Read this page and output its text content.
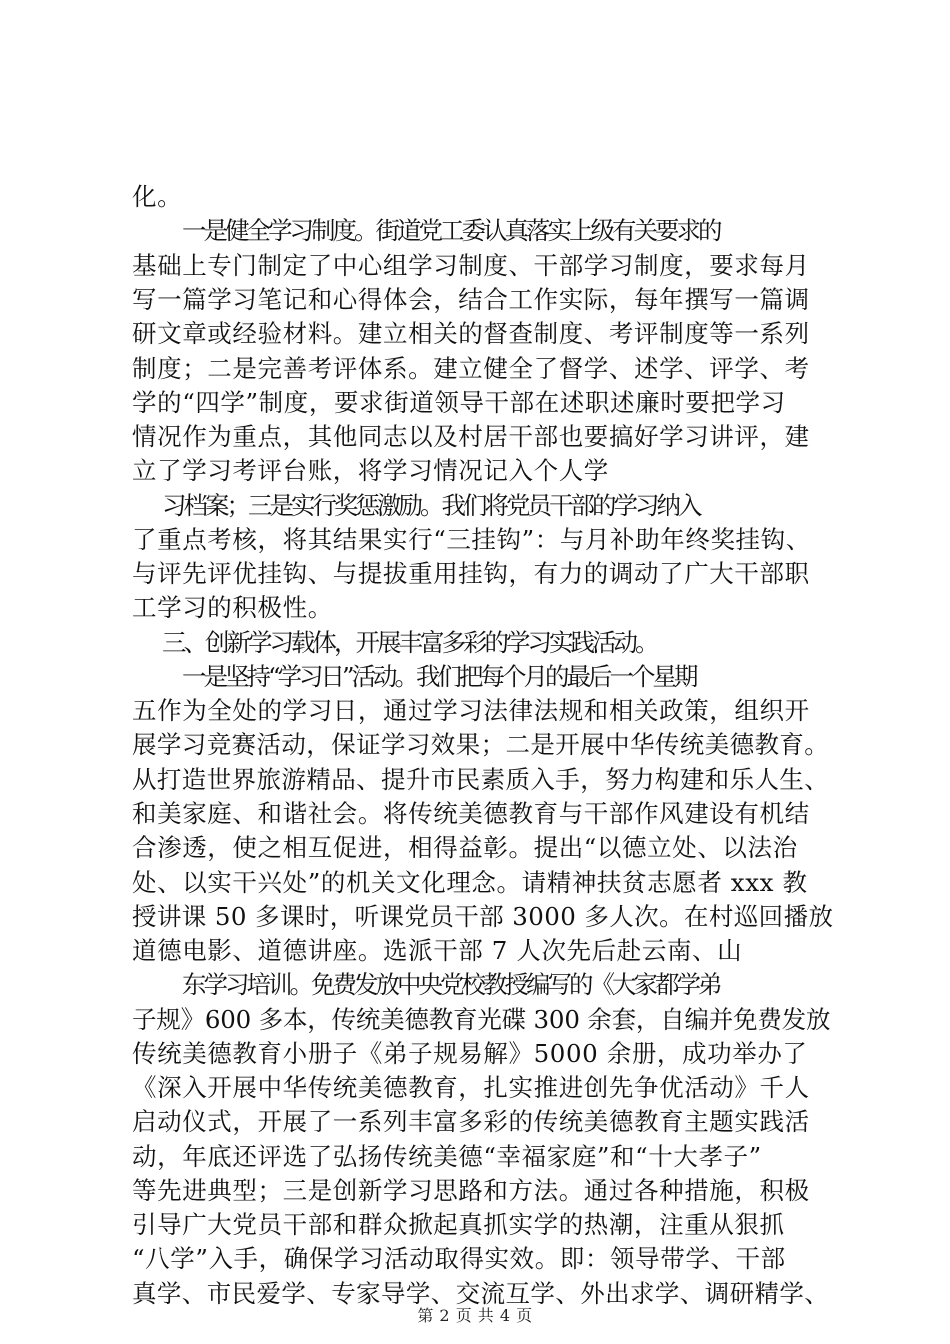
化。
一是健全学习制度。街道党工委认真落实上级有关要求的
基础上专门制定了中心组学习制度、干部学习制度，要求每月
写一篇学习笔记和心得体会，结合工作实际，每年撰写一篇调
研文章或经验材料。建立相关的督查制度、考评制度等一系列
制度；二是完善考评体系。建立健全了督学、述学、评学、考
学的“四学”制度，要求街道领导干部在述职述廉时要把学习
情况作为重点，其他同志以及村居干部也要搞好学习讲评，建
立了学习考评台账，将学习情况记入个人学
习档案；三是实行奖惩激励。我们将党员干部的学习纳入
了重点考核，将其结果实行“三挂钩”：与月补助年终奖挂钩、
与评先评优挂钩、与提拔重用挂钩，有力的调动了广大干部职
工学习的积极性。
三、创新学习载体，开展丰富多彩的学习实践活动。
一是坚持“学习日”活动。我们把每个月的最后一个星期
五作为全处的学习日，通过学习法律法规和相关政策，组织开
展学习竞赛活动，保证学习效果；二是开展中华传统美德教育。
从打造世界旅游精品、提升市民素质入手，努力构建和乐人生、
和美家庭、和谐社会。将传统美德教育与干部作风建设有机结
合渗透，使之相互促进，相得益彰。提出“以德立处、以法治
处、以实干兴处”的机关文化理念。请精神扶贫志愿者 xxx 教
授讲课 50 多课时，听课党员干部 3000 多人次。在村巡回播放
道德电影、道德讲座。选派干部 7 人次先后赴云南、山
东学习培训。免费发放中央党校教授编写的《大家都学弟
子规》600 多本，传统美德教育光碟 300 余套，自编并免费发放
传统美德教育小册子《弟子规易解》5000 余册，成功举办了
《深入开展中华传统美德教育，扎实推进创先争优活动》千人
启动仪式，开展了一系列丰富多彩的传统美德教育主题实践活
动，年底还评选了弘扬传统美德“幸福家庭”和“十大孝子”
等先进典型；三是创新学习思路和方法。通过各种措施，积极
引导广大党员干部和群众掀起真抓实学的热潮，注重从狠抓
“八学”入手，确保学习活动取得实效。即：领导带学、干部
真学、市民爱学、专家导学、交流互学、外出求学、调研精学、
第 2 页 共 4 页
